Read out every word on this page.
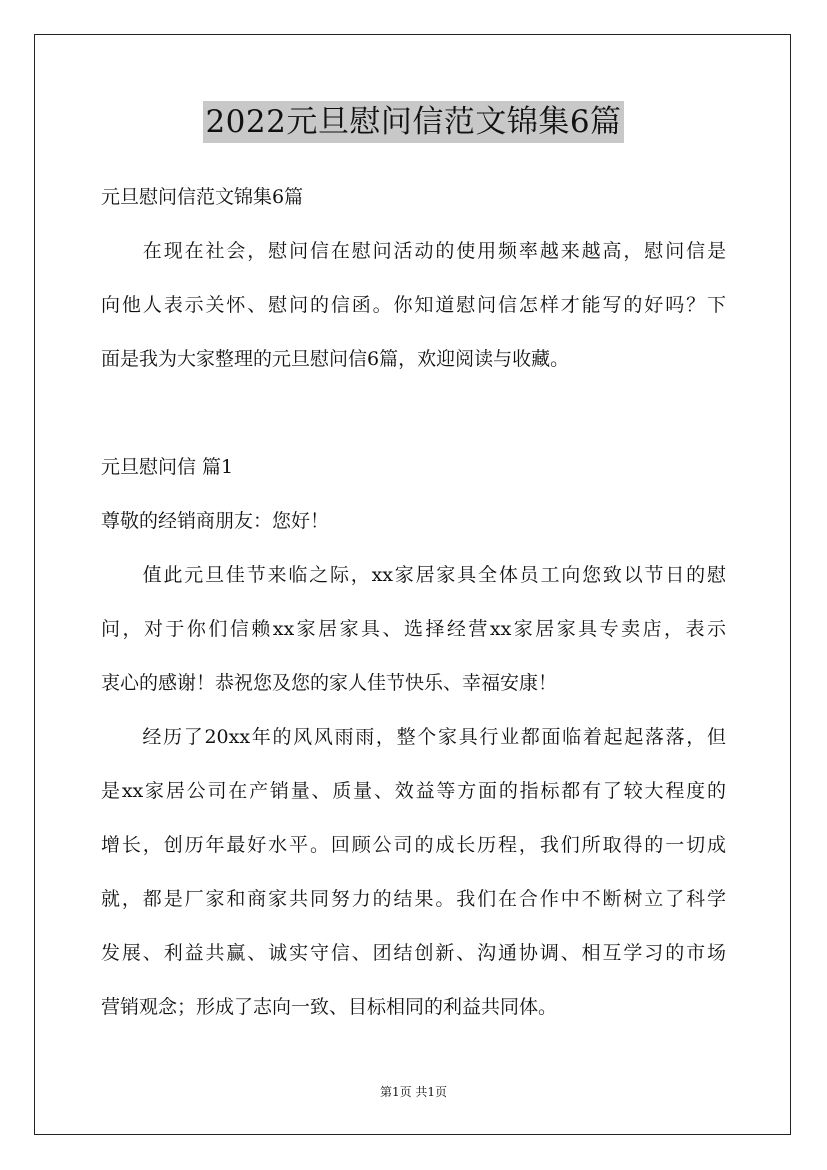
2022元旦慰问信范文锦集6篇
元旦慰问信范文锦集6篇
　　在现在社会，慰问信在慰问活动的使用频率越来越高，慰问信是
向他人表示关怀、慰问的信函。你知道慰问信怎样才能写的好吗？下
面是我为大家整理的元旦慰问信6篇，欢迎阅读与收藏。
元旦慰问信 篇1
尊敬的经销商朋友：您好！
　　值此元旦佳节来临之际，xx家居家具全体员工向您致以节日的慰
问，对于你们信赖xx家居家具、选择经营xx家居家具专卖店，表示
衷心的感谢！恭祝您及您的家人佳节快乐、幸福安康！
　　经历了20xx年的风风雨雨，整个家具行业都面临着起起落落，但
是xx家居公司在产销量、质量、效益等方面的指标都有了较大程度的
增长，创历年最好水平。回顾公司的成长历程，我们所取得的一切成
就，都是厂家和商家共同努力的结果。我们在合作中不断树立了科学
发展、利益共赢、诚实守信、团结创新、沟通协调、相互学习的市场
营销观念；形成了志向一致、目标相同的利益共同体。
第1页 共1页
